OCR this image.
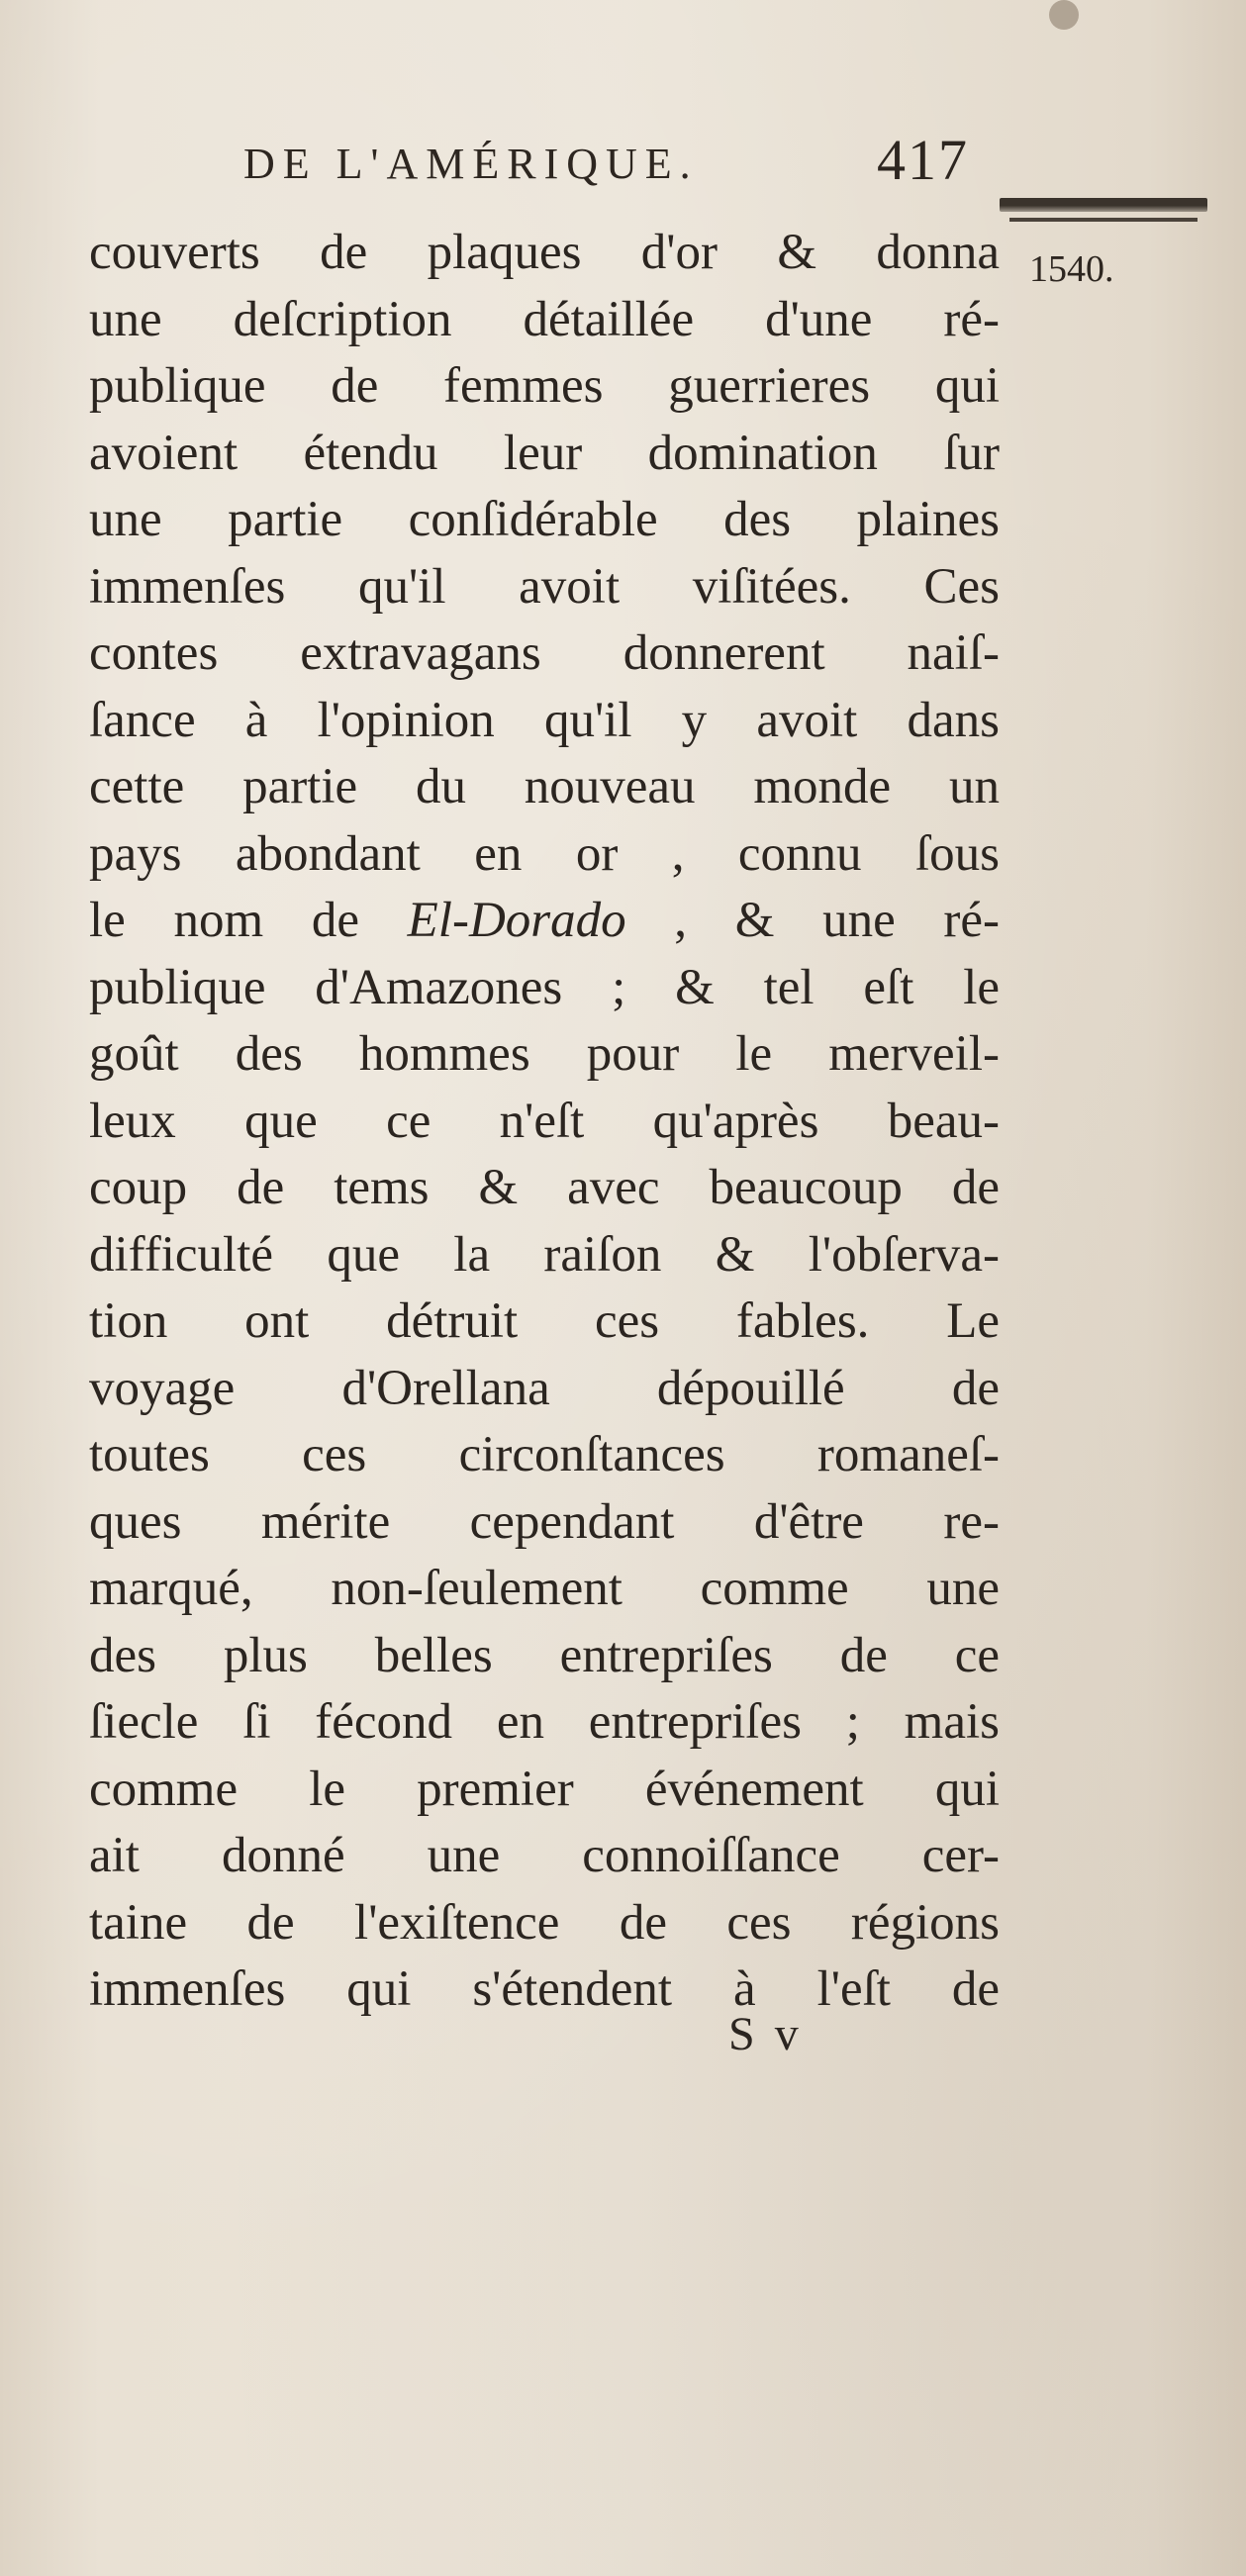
DE L'AMÉRIQUE.	417
1540.
couverts de plaques d'or & donna
une deſcription détaillée d'une ré-
publique de femmes guerrieres qui
avoient étendu leur domination ſur
une partie conſidérable des plaines
immenſes qu'il avoit viſitées. Ces
contes extravagans donnerent naiſ-
ſance à l'opinion qu'il y avoit dans
cette partie du nouveau monde un
pays abondant en or , connu ſous
le nom de El-Dorado , & une ré-
publique d'Amazones ; & tel eſt le
goût des hommes pour le merveil-
leux que ce n'eſt qu'après beau-
coup de tems & avec beaucoup de
difficulté que la raiſon & l'obſerva-
tion ont détruit ces fables. Le
voyage d'Orellana dépouillé de
toutes ces circonſtances romaneſ-
ques mérite cependant d'être re-
marqué, non-ſeulement comme une
des plus belles entrepriſes de ce
ſiecle ſi fécond en entrepriſes ; mais
comme le premier événement qui
ait donné une connoiſſance cer-
taine de l'exiſtence de ces régions
immenſes qui s'étendent à l'eſt de
S v
